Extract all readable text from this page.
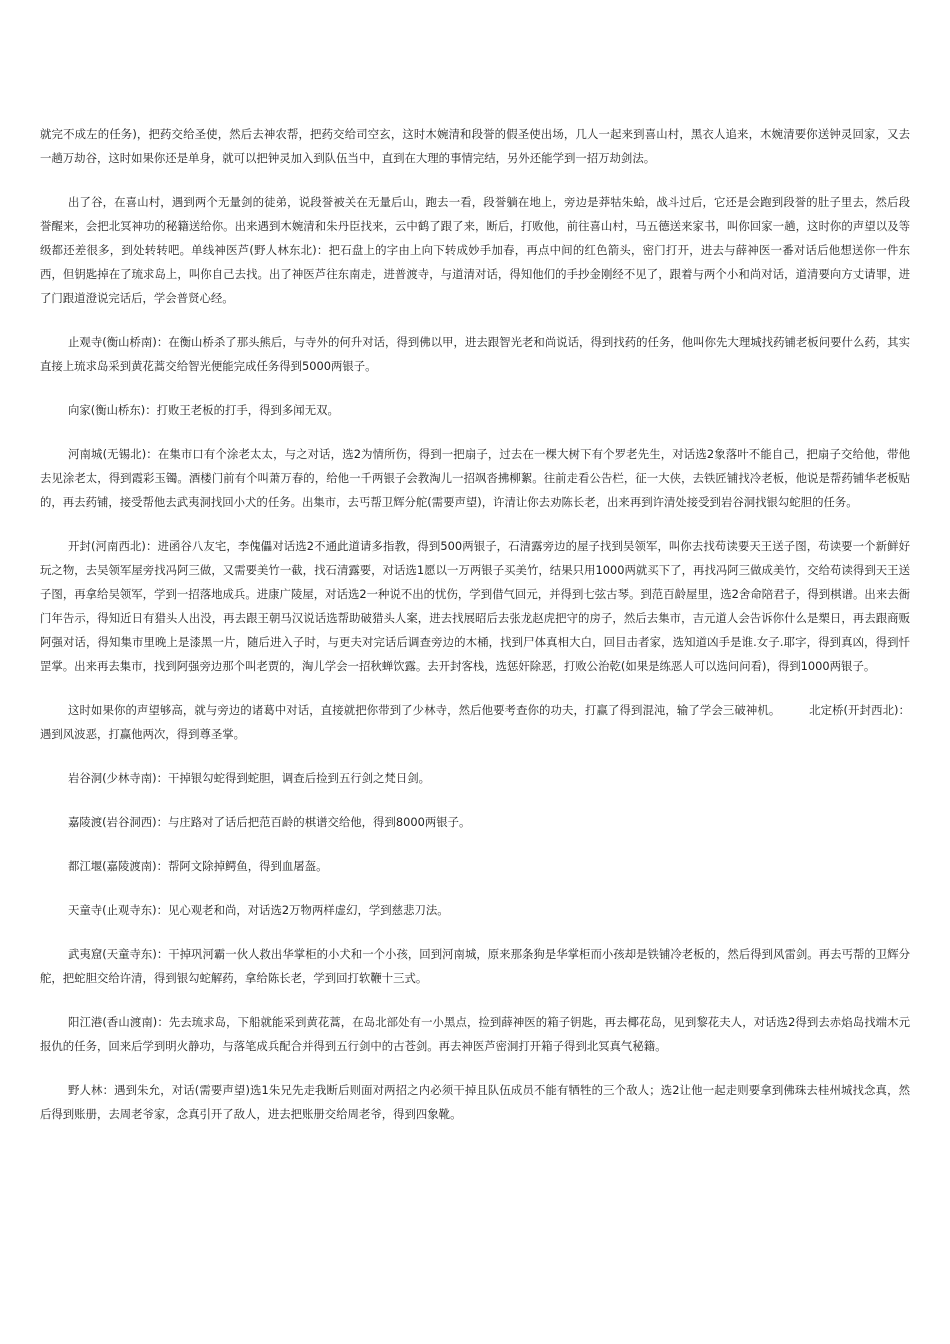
就完不成左的任务)，把药交给圣使，然后去神农帮，把药交给司空玄，这时木婉清和段誉的假圣使出场，几人一起来到喜山村，黑衣人追来，木婉清要你送钟灵回家，又去一趟万劫谷，这时如果你还是单身，就可以把钟灵加入到队伍当中，直到在大理的事情完结，另外还能学到一招万劫剑法。

出了谷，在喜山村，遇到两个无量剑的徒弟，说段誉被关在无量后山，跑去一看，段誉躺在地上，旁边是莽牯朱蛤，战斗过后，它还是会跑到段誉的肚子里去，然后段誉醒来，会把北冥神功的秘籍送给你。出来遇到木婉清和朱丹臣找来，云中鹤了跟了来，断后，打败他，前往喜山村，马五德送来家书，叫你回家一趟，这时你的声望以及等级都还差很多，到处转转吧。单线神医芦(野人林东北)：把石盘上的字由上向下转成妙手加春，再点中间的红色箭头，密门打开，进去与薛神医一番对话后他想送你一件东西，但钥匙掉在了琉求岛上，叫你自己去找。出了神医芦往东南走，进普渡寺，与道清对话，得知他们的手抄金刚经不见了，跟着与两个小和尚对话，道清要向方丈请罪，进了门跟道澄说完话后，学会普贤心经。

止观寺(衡山桥南)：在衡山桥杀了那头熊后，与寺外的何升对话，得到佛以甲，进去跟智光老和尚说话，得到找药的任务，他叫你先大理城找药铺老板问要什么药，其实直接上琉求岛采到黄花蒿交给智光便能完成任务得到5000两银子。

向家(衡山桥东)：打败王老板的打手，得到多闻无双。

河南城(无锡北)：在集市口有个涂老太太，与之对话，选2为情所伤，得到一把扇子，过去在一棵大树下有个罗老先生，对话选2象落叶不能自己，把扇子交给他，带他去见涂老太，得到霞彩玉镯。酒楼门前有个叫萧万春的，给他一千两银子会教淘儿一招飒沓拂柳絮。往前走看公告栏，征一大侠，去铁匠铺找冷老板，他说是帮药铺华老板贴的，再去药铺，接受帮他去武夷洞找回小犬的任务。出集市，去丐帮卫辉分舵(需要声望)，许清让你去劝陈长老，出来再到许清处接受到岩谷洞找银勾蛇胆的任务。

开封(河南西北)：进函谷八友宅，李傀儡对话选2不通此道请多指教，得到500两银子，石清露旁边的屋子找到吴领军，叫你去找苟读要天王送子图，苟读要一个新鲜好玩之物，去吴领军屋旁找冯阿三做，又需要美竹一截，找石清露要，对话选1愿以一万两银子买美竹，结果只用1000两就买下了，再找冯阿三做成美竹，交给苟读得到天王送子图，再拿给吴领军，学到一招落地成兵。进康广陵屋，对话选2一种说不出的忧伤，学到借气回元，并得到七弦古琴。到范百龄屋里，选2舍命陪君子，得到棋谱。出来去衙门年告示，得知近日有猎头人出没，再去跟王朝马汉说话选帮助破猎头人案，进去找展昭后去张龙赵虎把守的房子，然后去集市，吉元道人会告诉你什么是槊日，再去跟商贩阿强对话，得知集市里晚上是漆黑一片，随后进入子时，与更夫对完话后调查旁边的木桶，找到尸体真相大白，回目击者家，选知道凶手是谁.女子.耶字，得到真凶，得到忏罡掌。出来再去集市，找到阿强旁边那个叫老贾的，淘儿学会一招秋蝉饮露。去开封客栈，选惩奸除恶，打败公治乾(如果是练恶人可以选问问看)，得到1000两银子。

这时如果你的声望够高，就与旁边的诸葛中对话，直接就把你带到了少林寺，然后他要考查你的功夫，打赢了得到混沌，输了学会三破神机。　　　北定桥(开封西北)：遇到风波恶，打赢他两次，得到尊圣掌。

岩谷洞(少林寺南)：干掉银勾蛇得到蛇胆，调查后捡到五行剑之梵日剑。

嘉陵渡(岩谷洞西)：与庄路对了话后把范百龄的棋谱交给他，得到8000两银子。

都江堰(嘉陵渡南)：帮阿文除掉鳄鱼，得到血屠盔。

天童寺(止观寺东)：见心观老和尚，对话选2万物两样虚幻，学到慈悲刀法。

武夷窟(天童寺东)：干掉巩河霸一伙人救出华掌柜的小犬和一个小孩，回到河南城，原来那条狗是华掌柜而小孩却是铁铺冷老板的，然后得到风雷剑。再去丐帮的卫辉分舵，把蛇胆交给许清，得到银勾蛇解药，拿给陈长老，学到回打软鞭十三式。

阳江港(香山渡南)：先去琉求岛，下船就能采到黄花蒿，在岛北部处有一小黑点，捡到薛神医的箱子钥匙，再去椰花岛，见到黎花夫人，对话选2得到去赤焰岛找端木元报仇的任务，回来后学到明火静功，与落笔成兵配合并得到五行剑中的古苍剑。再去神医芦密洞打开箱子得到北冥真气秘籍。

野人林：遇到朱允，对话(需要声望)选1朱兄先走我断后则面对两招之内必须干掉且队伍成员不能有牺牲的三个敌人；选2让他一起走则要拿到佛珠去桂州城找念真，然后得到账册，去周老爷家，念真引开了敌人，进去把账册交给周老爷，得到四象靴。
